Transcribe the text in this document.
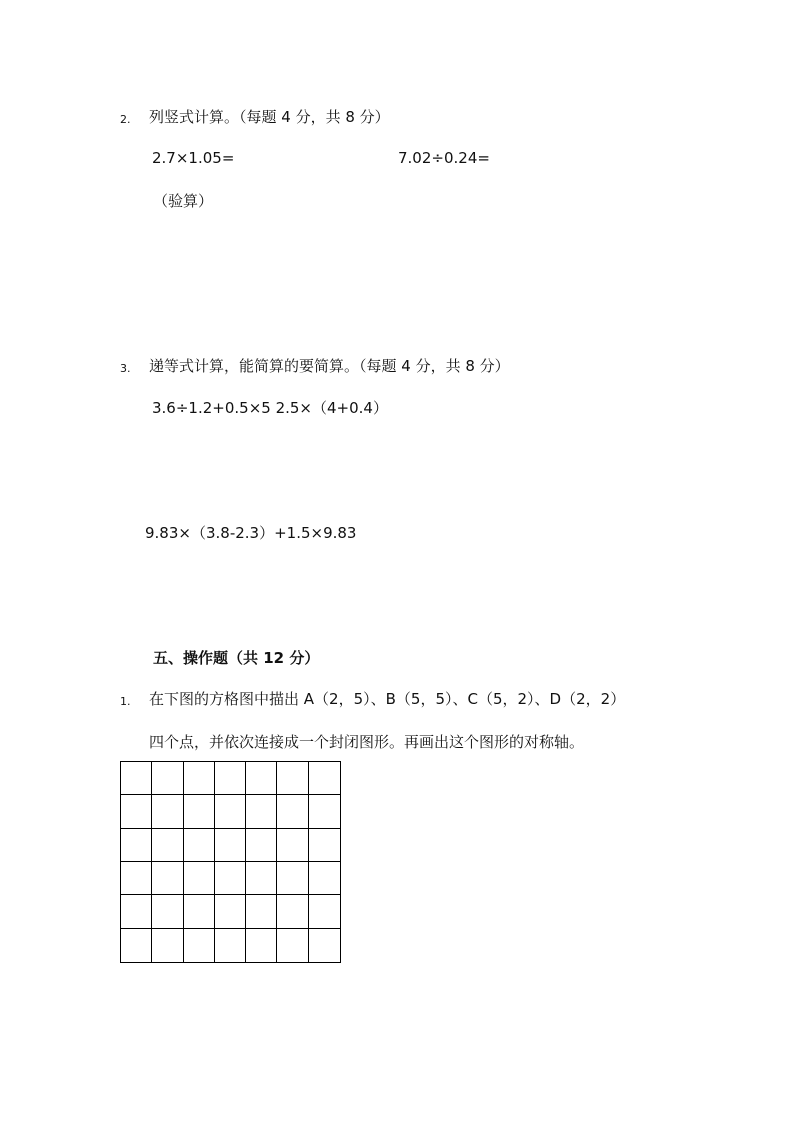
2. 列竖式计算。（每题 4 分，共 8 分）
2.7×1.05=	7.02÷0.24=
（验算）
3. 递等式计算，能简算的要简算。（每题 4 分，共 8 分）
3.6÷1.2+0.5×5 2.5×（4+0.4）
9.83×（3.8-2.3）+1.5×9.83
五、操作题（共 12 分）
1. 在下图的方格图中描出 A（2，5）、B（5，5）、C（5，2）、D（2，2）
四个点，并依次连接成一个封闭图形。再画出这个图形的对称轴。
